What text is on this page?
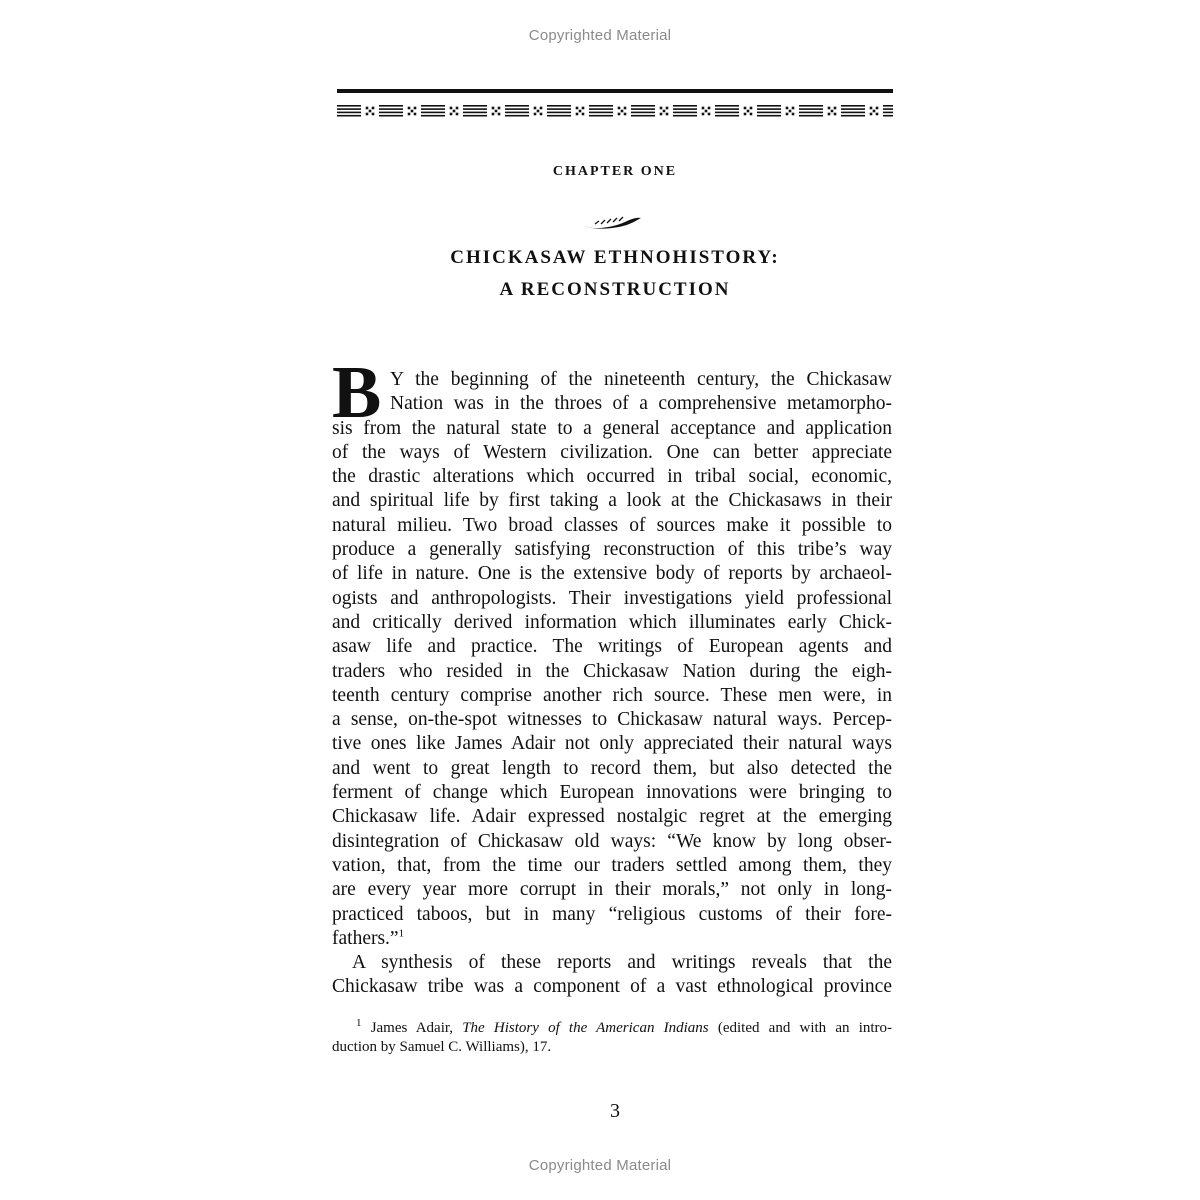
Copyrighted Material
CHAPTER ONE
CHICKASAW ETHNOHISTORY:
A RECONSTRUCTION
B Y the beginning of the nineteenth century, the Chickasaw
Nation was in the throes of a comprehensive metamorpho-
sis from the natural state to a general acceptance and application
of the ways of Western civilization. One can better appreciate
the drastic alterations which occurred in tribal social, economic,
and spiritual life by first taking a look at the Chickasaws in their
natural milieu. Two broad classes of sources make it possible to
produce a generally satisfying reconstruction of this tribe’s way
of life in nature. One is the extensive body of reports by archaeol-
ogists and anthropologists. Their investigations yield professional
and critically derived information which illuminates early Chick-
asaw life and practice. The writings of European agents and
traders who resided in the Chickasaw Nation during the eigh-
teenth century comprise another rich source. These men were, in
a sense, on-the-spot witnesses to Chickasaw natural ways. Percep-
tive ones like James Adair not only appreciated their natural ways
and went to great length to record them, but also detected the
ferment of change which European innovations were bringing to
Chickasaw life. Adair expressed nostalgic regret at the emerging
disintegration of Chickasaw old ways: “We know by long obser-
vation, that, from the time our traders settled among them, they
are every year more corrupt in their morals,” not only in long-
practiced taboos, but in many “religious customs of their fore-
fathers.”$^1$
A synthesis of these reports and writings reveals that the
Chickasaw tribe was a component of a vast ethnological province
$^1$ James Adair, The History of the American Indians (edited and with an intro-
duction by Samuel C. Williams), 17.
3
Copyrighted Material
